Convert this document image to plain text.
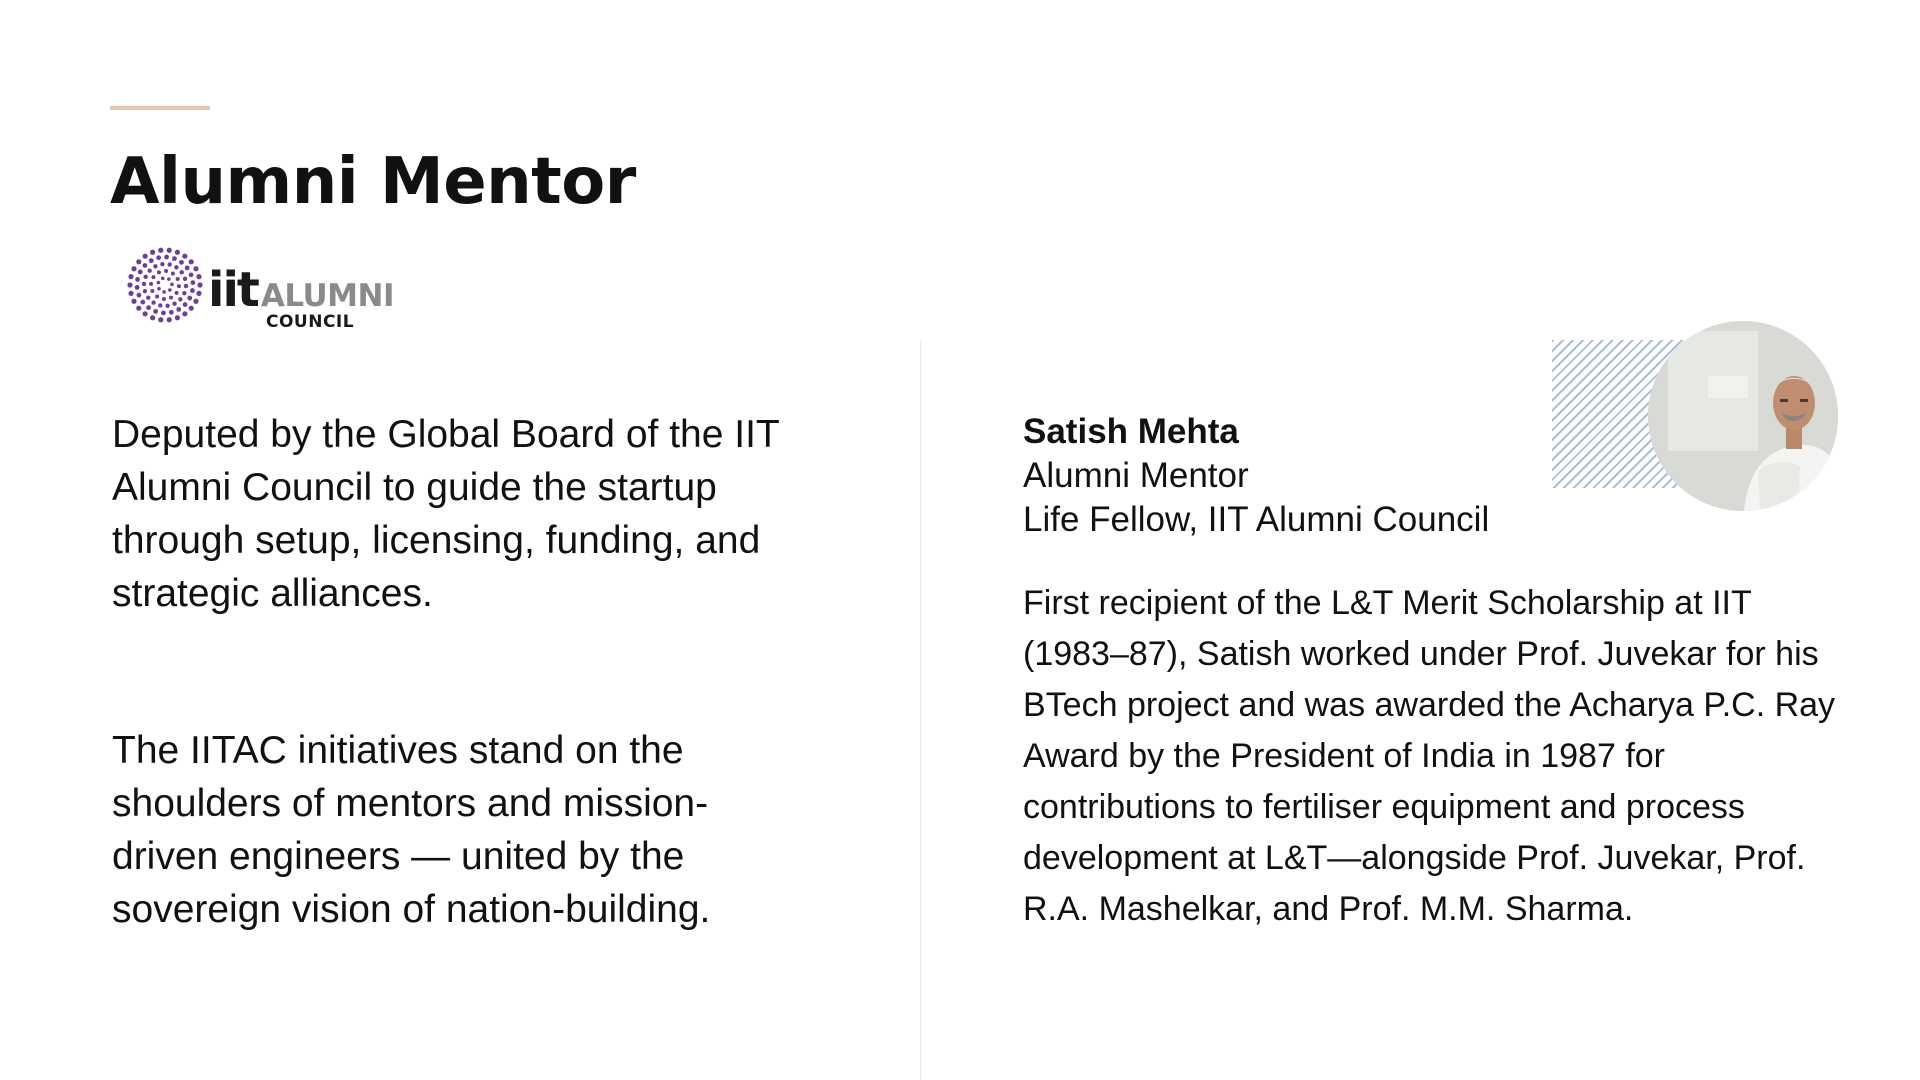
Alumni Mentor
iitALUMNI
COUNCIL

Deputed by the Global Board of the IIT Alumni Council to guide the startup through setup, licensing, funding, and strategic alliances.

The IITAC initiatives stand on the shoulders of mentors and mission-driven engineers — united by the sovereign vision of nation-building.

Satish Mehta
Alumni Mentor
Life Fellow, IIT Alumni Council

First recipient of the L&T Merit Scholarship at IIT (1983–87), Satish worked under Prof. Juvekar for his BTech project and was awarded the Acharya P.C. Ray Award by the President of India in 1987 for contributions to fertiliser equipment and process development at L&T—alongside Prof. Juvekar, Prof. R.A. Mashelkar, and Prof. M.M. Sharma.
